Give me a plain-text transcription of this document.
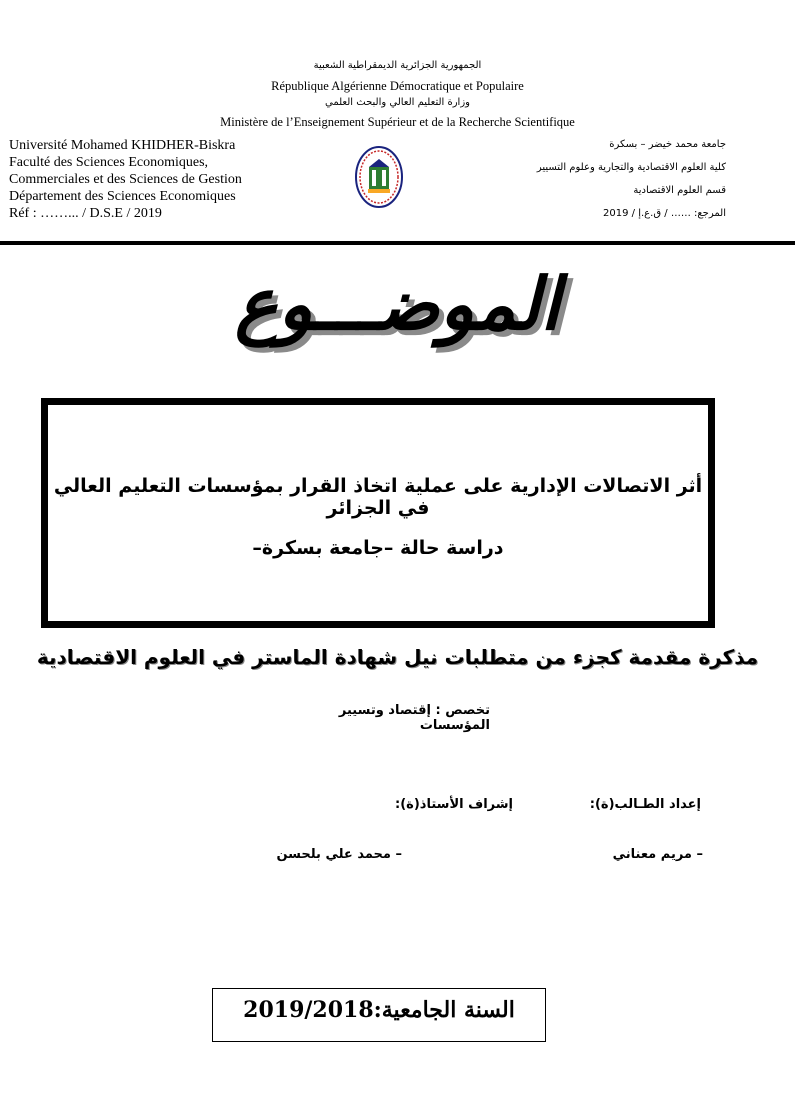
الجمهورية الجزائرية الديمقراطية الشعبية
République Algérienne Démocratique et Populaire
وزارة التعليم العالي والبحث العلمي
Ministère de l’Enseignement Supérieur et de la Recherche Scientifique
Université Mohamed KHIDHER-Biskra
Faculté des Sciences Economiques,
Commerciales et des Sciences de Gestion
Département des Sciences Economiques
Réf : ……... / D.S.E / 2019
جامعة محمد خيضر – بسكرة
كلية العلوم الاقتصادية والتجارية وعلوم التسيير
قسم العلوم الاقتصادية
المرجع: …… / ق.ع.إ / 2019
الموضـــوع
أثر الاتصالات الإدارية على عملية اتخاذ القرار بمؤسسات التعليم العالي في الجزائر
دراسة حالة –جامعة بسكرة–
مذكرة مقدمة كجزء من متطلبات نيل شهادة الماستر في العلوم الاقتصادية
تخصص : إقتصاد وتسيير المؤسسات
إعداد الطـالب(ة):
إشراف الأستاذ(ة):
– مريم معناني
– محمد علي بلحسن
السنة الجامعية:2019/2018
